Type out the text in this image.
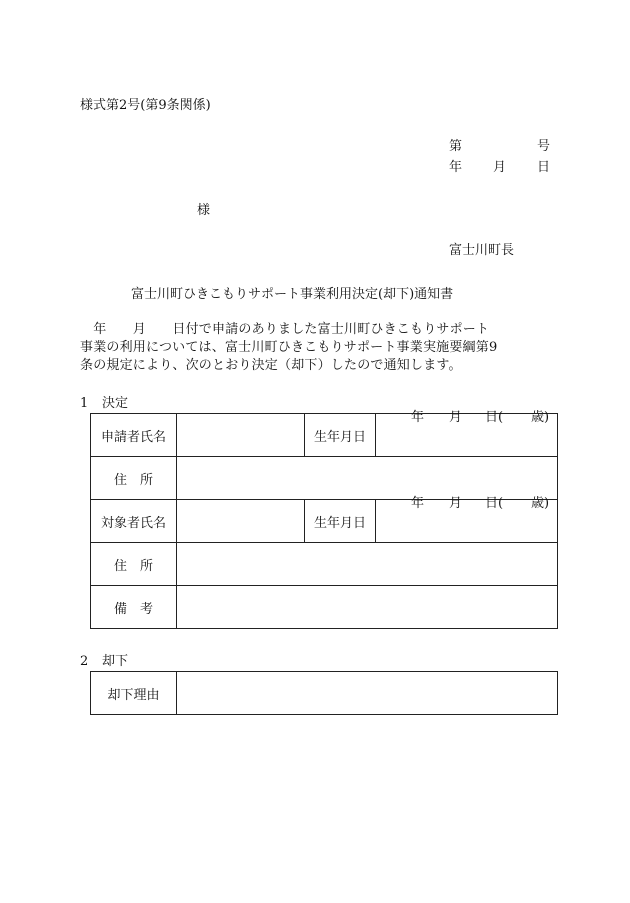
様式第2号(第9条関係)
第	号
年 月 日
様
富士川町長
富士川町ひきこもりサポート事業利用決定(却下)通知書
　年　　月　　日付で申請のありました富士川町ひきこもりサポート
事業の利用については、富士川町ひきこもりサポート事業実施要綱第9
条の規定により、次のとおり決定（却下）したので通知します。
1 決定
申請者氏名		生年月日	年 月 日( 歳)

住　所			
対象者氏名		生年月日	年 月 日( 歳)

住　所			
備　考			
2 却下
却下理由	
